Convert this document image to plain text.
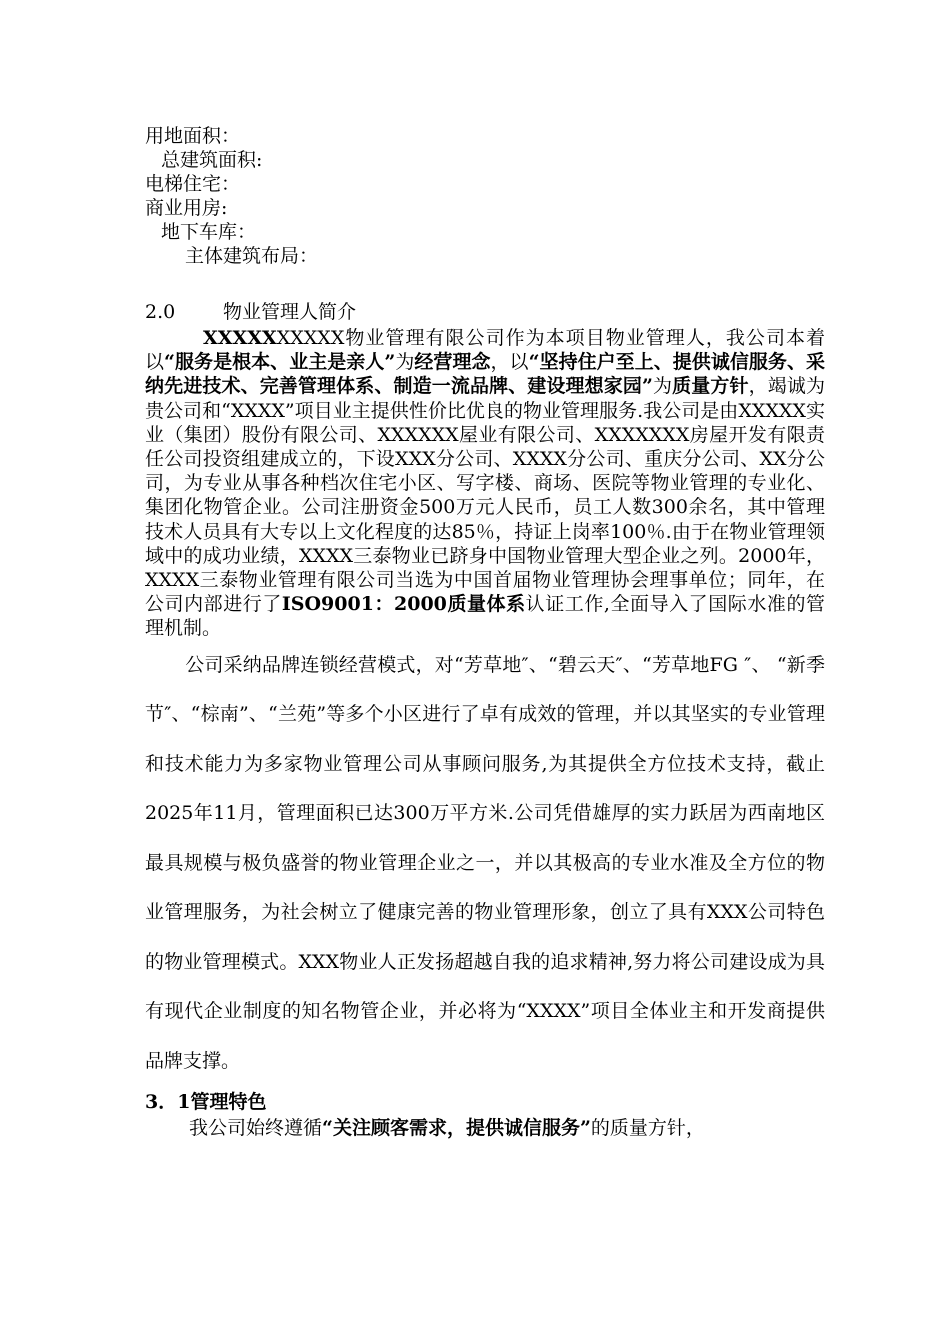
用地面积：
总建筑面积:
电梯住宅：
商业用房:
地下车库：
主体建筑布局：
2.0	物业管理人简介

XXXXXXXXXX物业管理有限公司作为本项目物业管理人，我公司本着以“服务是根本、业主是亲人”为经营理念，以“坚持住户至上、提供诚信服务、采纳先进技术、完善管理体系、制造一流品牌、建设理想家园”为质量方针，竭诚为贵公司和“XXXX”项目业主提供性价比优良的物业管理服务.我公司是由XXXXX实业（集团）股份有限公司、XXXXXX屋业有限公司、XXXXXXX房屋开发有限责任公司投资组建成立的，下设XXX分公司、XXXX分公司、重庆分公司、XX分公司，为专业从事各种档次住宅小区、写字楼、商场、医院等物业管理的专业化、集团化物管企业。公司注册资金500万元人民币，员工人数300余名，其中管理技术人员具有大专以上文化程度的达85％，持证上岗率100％.由于在物业管理领域中的成功业绩，XXXX三泰物业已跻身中国物业管理大型企业之列。2000年，XXXX三泰物业管理有限公司当选为中国首届物业管理协会理事单位；同年，在公司内部进行了ISO9001：2000质量体系认证工作,全面导入了国际水准的管理机制。

公司采纳品牌连锁经营模式，对“芳草地″、“碧云天″、“芳草地FG ″、 “新季节″、“棕南”、“兰苑”等多个小区进行了卓有成效的管理，并以其坚实的专业管理和技术能力为多家物业管理公司从事顾问服务,为其提供全方位技术支持，截止2025年11月，管理面积已达300万平方米.公司凭借雄厚的实力跃居为西南地区最具规模与极负盛誉的物业管理企业之一，并以其极高的专业水准及全方位的物业管理服务，为社会树立了健康完善的物业管理形象，创立了具有XXX公司特色的物业管理模式。XXX物业人正发扬超越自我的追求精神,努力将公司建设成为具有现代企业制度的知名物管企业，并必将为“XXXX”项目全体业主和开发商提供品牌支撑。

3．1管理特色

我公司始终遵循“关注顾客需求，提供诚信服务”的质量方针，
